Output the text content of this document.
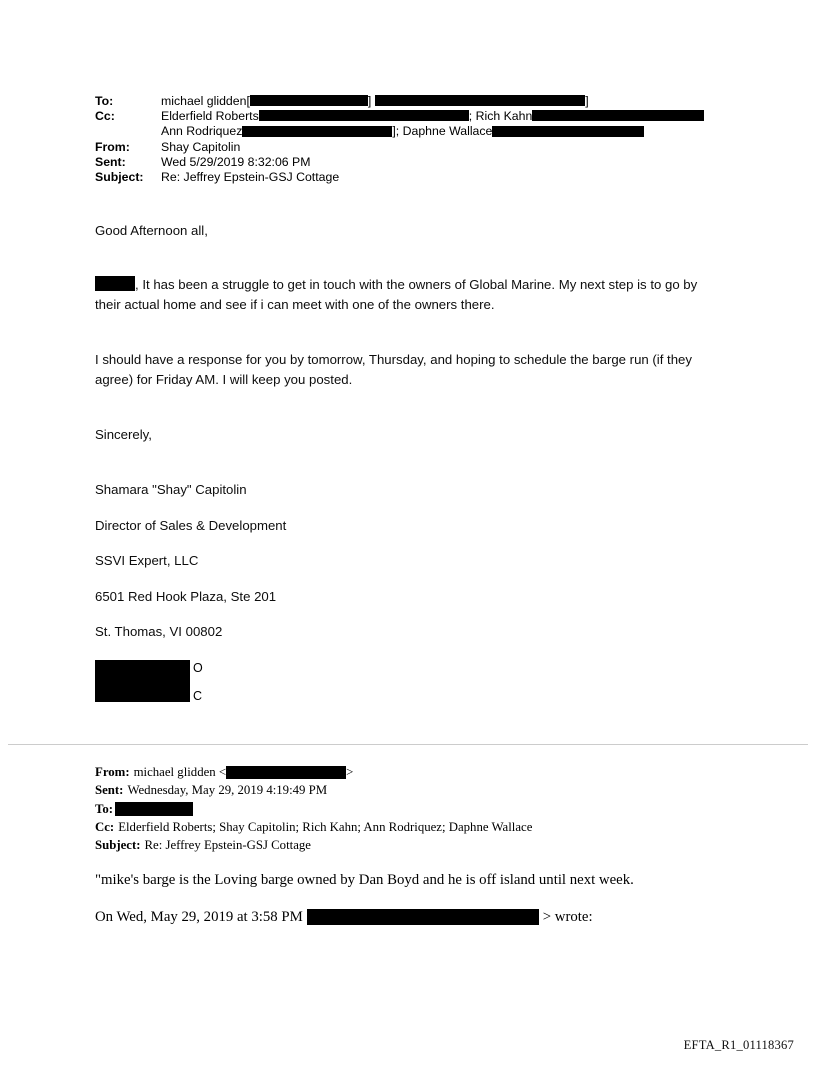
To:	michael glidden[	]	]
Cc:	Elderfield Roberts	; Rich Kahn
Ann Rodriquez	]; Daphne Wallace
From:	Shay Capitolin
Sent:	Wed 5/29/2019 8:32:06 PM
Subject: Re: Jeffrey Epstein-GSJ Cottage
Good Afternoon all,
, It has been a struggle to get in touch with the owners of Global Marine. My next step is to go by their actual home and see if i can meet with one of the owners there.
I should have a response for you by tomorrow, Thursday, and hoping to schedule the barge run (if they agree) for Friday AM. I will keep you posted.
Sincerely,
Shamara "Shay" Capitolin
Director of Sales & Development
SSVI Expert, LLC
6501 Red Hook Plaza, Ste 201
St. Thomas, VI 00802
O
C
From: michael glidden <	>
Sent: Wednesday, May 29, 2019 4:19:49 PM
To:
Cc: Elderfield Roberts; Shay Capitolin; Rich Kahn; Ann Rodriquez; Daphne Wallace
Subject: Re: Jeffrey Epstein-GSJ Cottage
"mike's barge is the Loving barge owned by Dan Boyd and he is off island until next week.
On Wed, May 29, 2019 at 3:58 PM	> wrote:
EFTA_R1_01118367
